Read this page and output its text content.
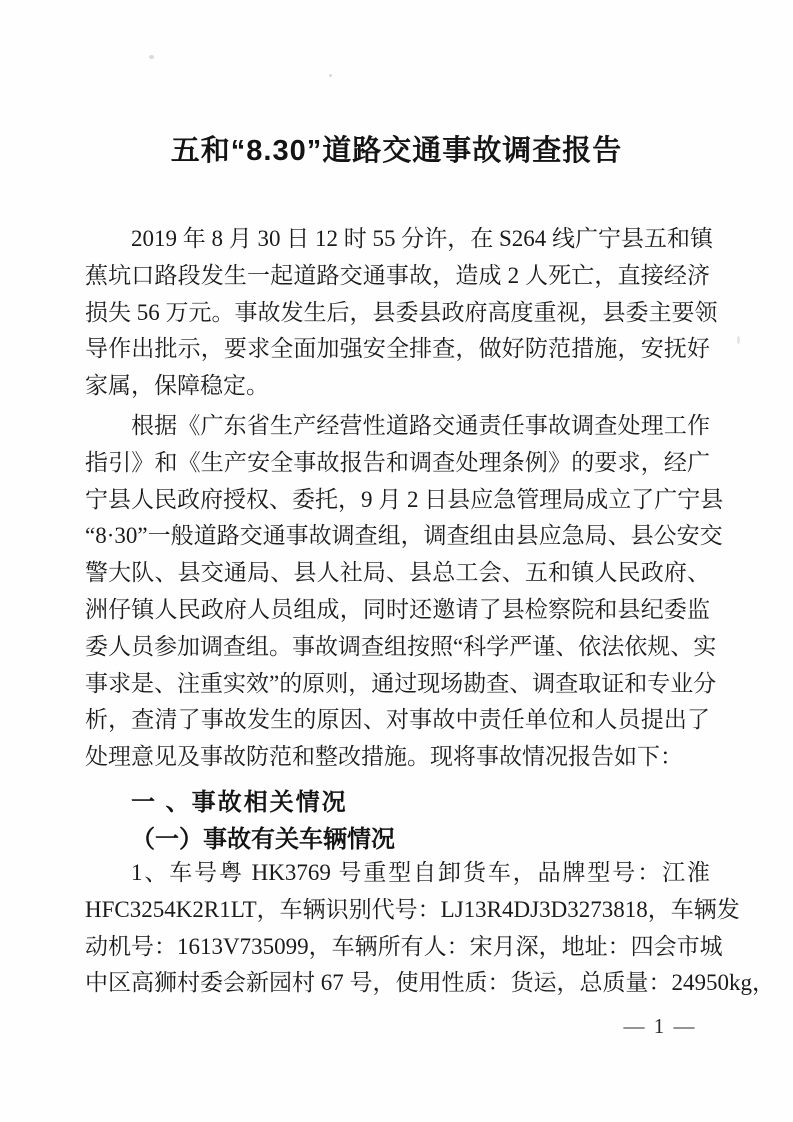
五和“8.30”道路交通事故调查报告
2019 年 8 月 30 日 12 时 55 分许，在 S264 线广宁县五和镇
蕉坑口路段发生一起道路交通事故，造成 2 人死亡，直接经济
损失 56 万元。事故发生后，县委县政府高度重视，县委主要领
导作出批示，要求全面加强安全排查，做好防范措施，安抚好
家属，保障稳定。
根据《广东省生产经营性道路交通责任事故调查处理工作
指引》和《生产安全事故报告和调查处理条例》的要求，经广
宁县人民政府授权、委托，9 月 2 日县应急管理局成立了广宁县
“8·30”一般道路交通事故调查组，调查组由县应急局、县公安交
警大队、县交通局、县人社局、县总工会、五和镇人民政府、
洲仔镇人民政府人员组成，同时还邀请了县检察院和县纪委监
委人员参加调查组。事故调查组按照“科学严谨、依法依规、实
事求是、注重实效”的原则，通过现场勘查、调查取证和专业分
析，查清了事故发生的原因、对事故中责任单位和人员提出了
处理意见及事故防范和整改措施。现将事故情况报告如下：
一 、事故相关情况
（一）事故有关车辆情况
1、车号粤 HK3769 号重型自卸货车，品牌型号：江淮
HFC3254K2R1LT，车辆识别代号：LJ13R4DJ3D3273818，车辆发
动机号：1613V735099，车辆所有人：宋月深，地址：四会市城
中区高狮村委会新园村 67 号，使用性质：货运，总质量：24950kg，
— 1 —
